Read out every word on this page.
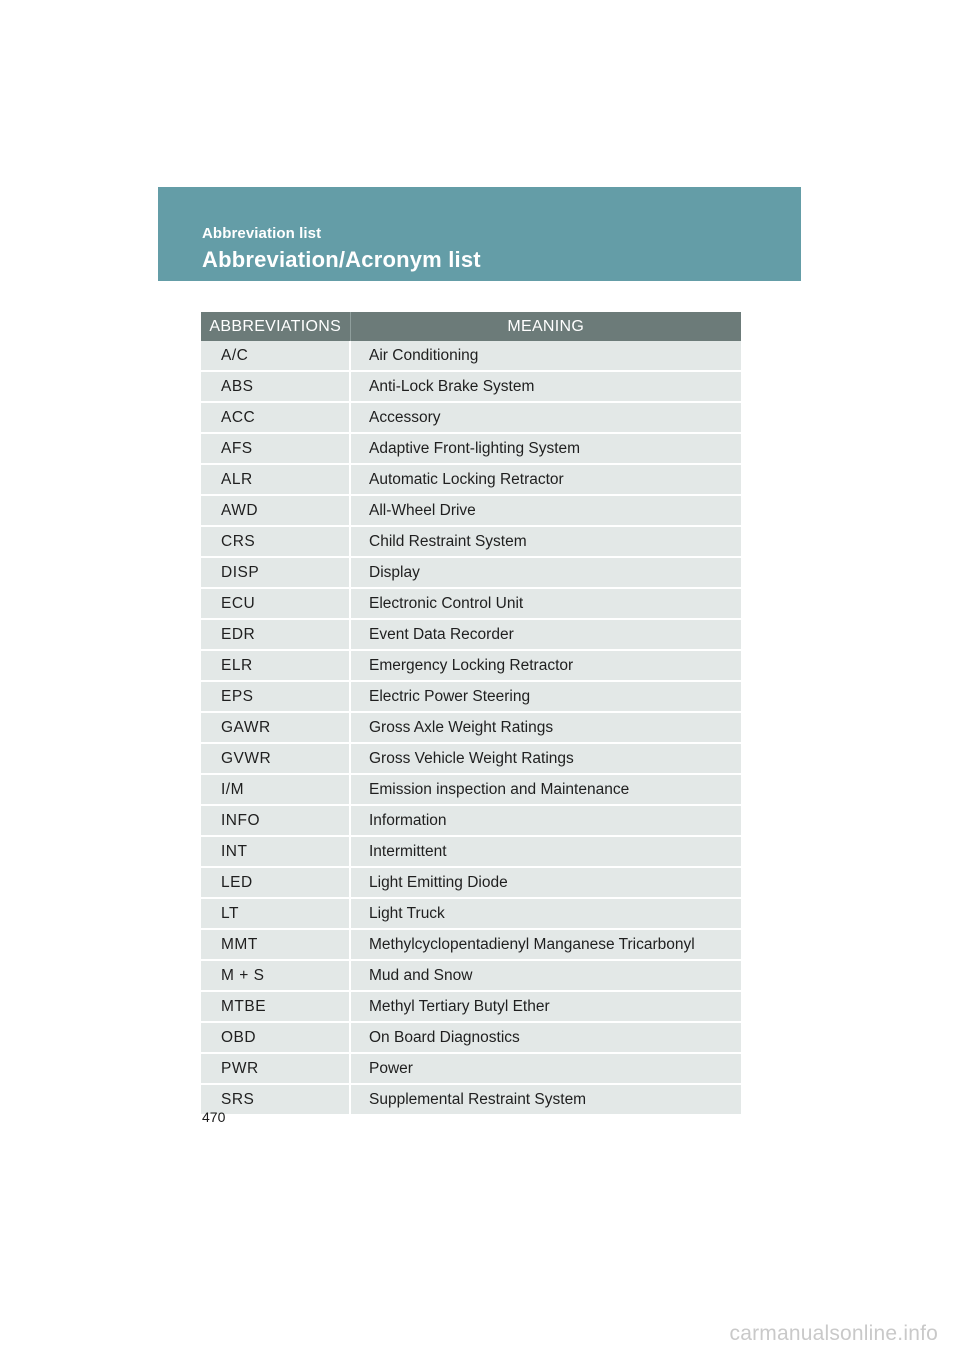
Abbreviation list
Abbreviation/Acronym list
ABBREVIATIONS	MEANING
A/C	Air Conditioning
ABS	Anti-Lock Brake System
ACC	Accessory
AFS	Adaptive Front-lighting System
ALR	Automatic Locking Retractor
AWD	All-Wheel Drive
CRS	Child Restraint System
DISP	Display
ECU	Electronic Control Unit
EDR	Event Data Recorder
ELR	Emergency Locking Retractor
EPS	Electric Power Steering
GAWR	Gross Axle Weight Ratings
GVWR	Gross Vehicle Weight Ratings
I/M	Emission inspection and Maintenance
INFO	Information
INT	Intermittent
LED	Light Emitting Diode
LT	Light Truck
MMT	Methylcyclopentadienyl Manganese Tricarbonyl
M + S	Mud and Snow
MTBE	Methyl Tertiary Butyl Ether
OBD	On Board Diagnostics
PWR	Power
SRS	Supplemental Restraint System
470
carmanualsonline.info
